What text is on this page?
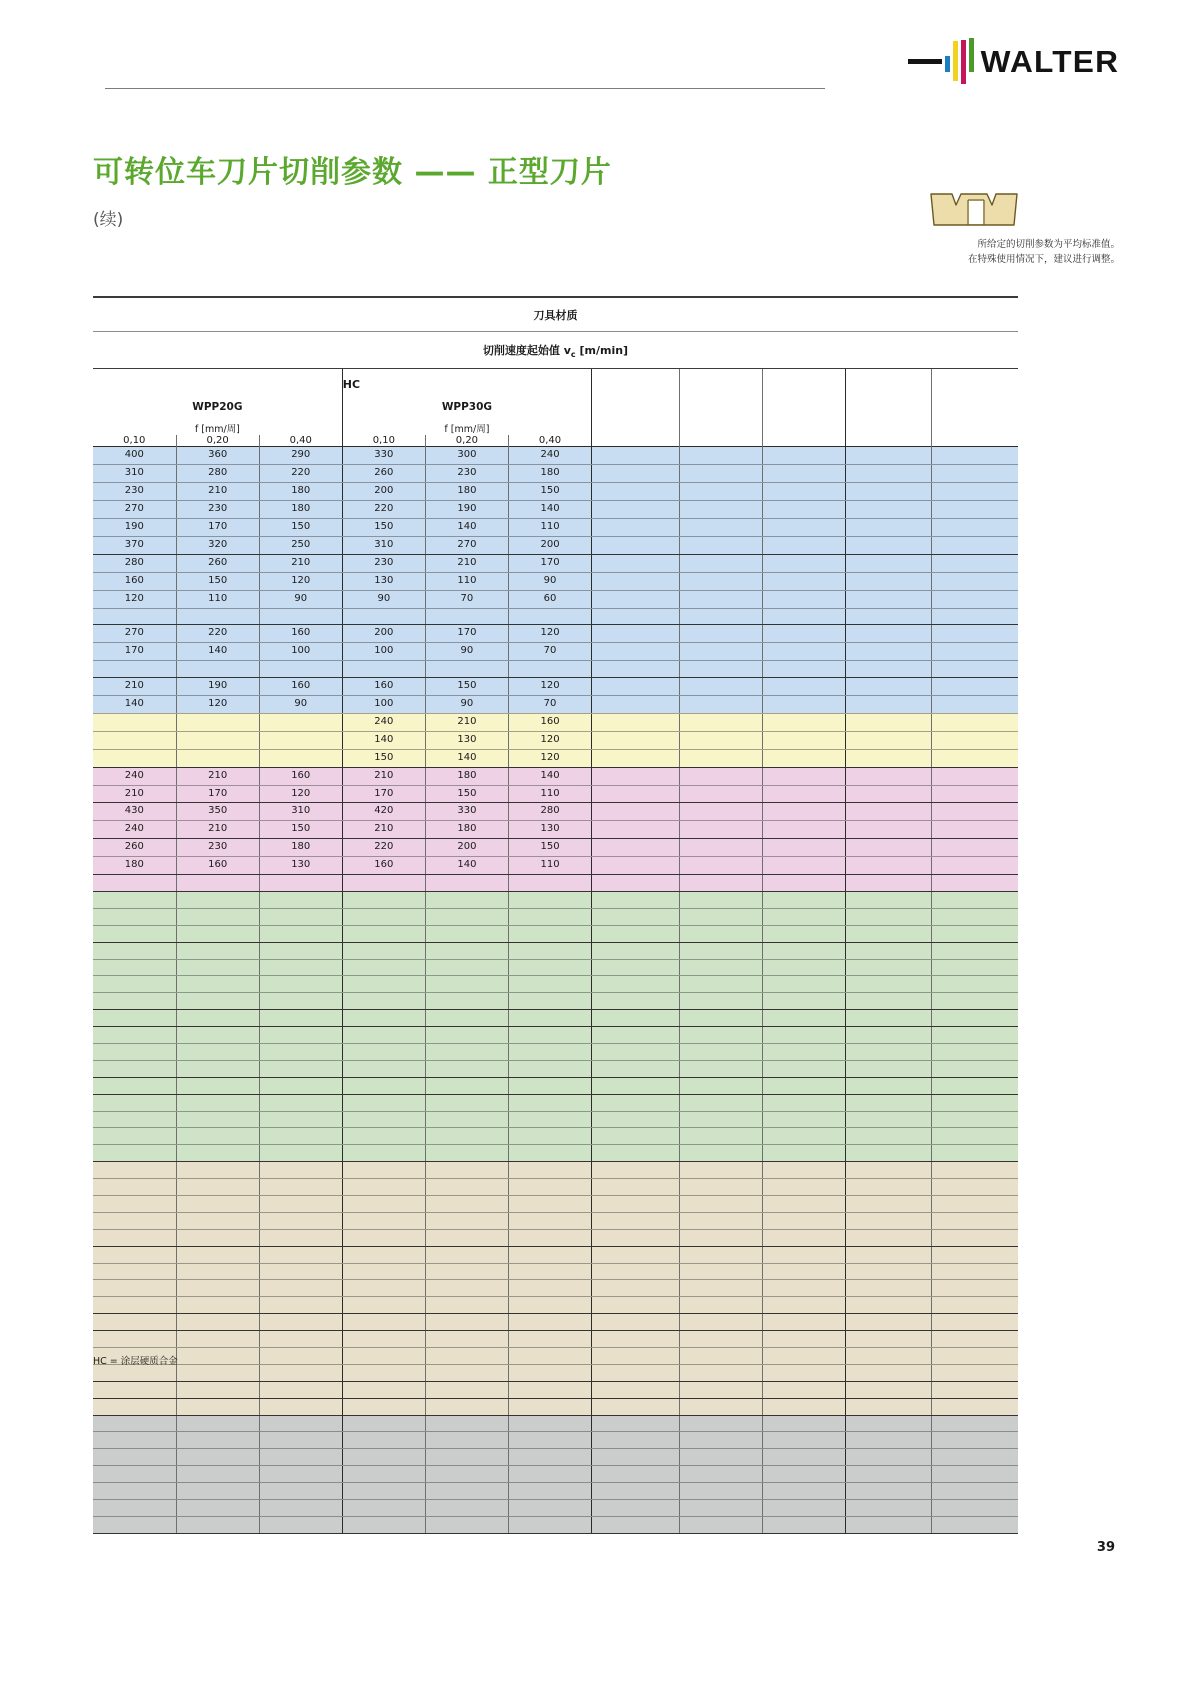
WALTER
可转位车刀片切削参数 —— 正型刀片
(续)
所给定的切削参数为平均标准值。
在特殊使用情况下，建议进行调整。
刀具材质
切削速度起始值 $v_c$ [m/min]
			HC							
WPP20G			WPP30G							
f [mm/周]			f [mm/周]							
0,10	0,20	0,40	0,10	0,20	0,40					
400	360	290	330	300	240					
310	280	220	260	230	180					
230	210	180	200	180	150					
270	230	180	220	190	140					
190	170	150	150	140	110					
370	320	250	310	270	200					
280	260	210	230	210	170					
160	150	120	130	110	90					
120	110	90	90	70	60					

270	220	160	200	170	120					
170	140	100	100	90	70					

210	190	160	160	150	120					
140	120	90	100	90	70					
			240	210	160					
			140	130	120					
			150	140	120					
240	210	160	210	180	140					
210	170	120	170	150	110					
430	350	310	420	330	280					
240	210	150	210	180	130					
260	230	180	220	200	150					
180	160	130	160	140	110					

HC = 涂层硬质合金
39
